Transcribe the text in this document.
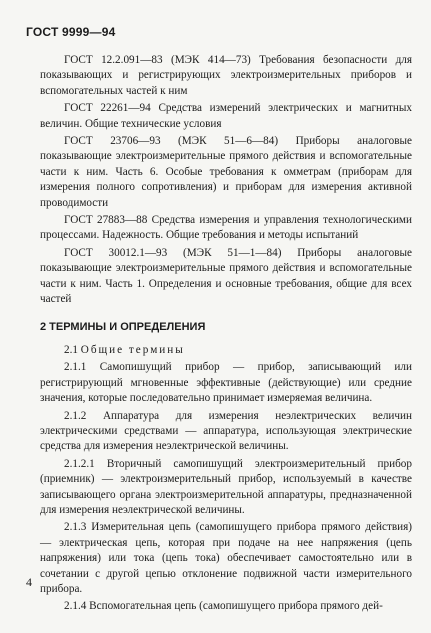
ГОСТ 9999—94

ГОСТ 12.2.091—83 (МЭК 414—73) Требования безопасности для показывающих и регистрирующих электроизмерительных приборов и вспомогательных частей к ним

ГОСТ 22261—94 Средства измерений электрических и магнитных величин. Общие технические условия

ГОСТ 23706—93 (МЭК 51—6—84) Приборы аналоговые показывающие электроизмерительные прямого действия и вспомогательные части к ним. Часть 6. Особые требования к омметрам (приборам для измерения полного сопротивления) и приборам для измерения активной проводимости

ГОСТ 27883—88 Средства измерения и управления технологическими процессами. Надежность. Общие требования и методы испытаний

ГОСТ 30012.1—93 (МЭК 51—1—84) Приборы аналоговые показывающие электроизмерительные прямого действия и вспомогательные части к ним. Часть 1. Определения и основные требования, общие для всех частей

2 ТЕРМИНЫ И ОПРЕДЕЛЕНИЯ

2.1 Общие термины

2.1.1 Самопишущий прибор — прибор, записывающий или регистрирующий мгновенные эффективные (действующие) или средние значения, которые последовательно принимает измеряемая величина.

2.1.2 Аппаратура для измерения неэлектрических величин электрическими средствами — аппаратура, использующая электрические средства для измерения неэлектрической величины.

2.1.2.1 Вторичный самопишущий электроизмерительный прибор (приемник) — электроизмерительный прибор, используемый в качестве записывающего органа электроизмерительной аппаратуры, предназначенной для измерения неэлектрической величины.

2.1.3 Измерительная цепь (самопишущего прибора прямого действия) — электрическая цепь, которая при подаче на нее напряжения (цепь напряжения) или тока (цепь тока) обеспечивает самостоятельно или в сочетании с другой цепью отклонение подвижной части измерительного прибора.

2.1.4 Вспомогательная цепь (самопишущего прибора прямого дей-

4
